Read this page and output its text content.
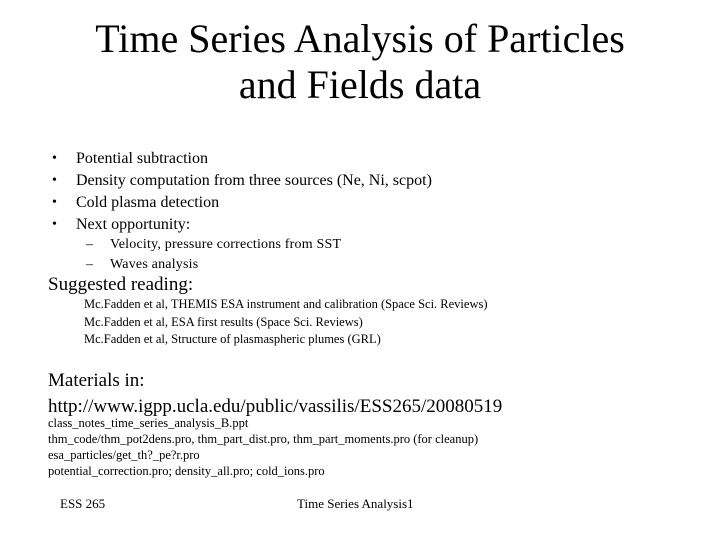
Time Series Analysis of Particles
and Fields data
• Potential subtraction
• Density computation from three sources (Ne, Ni, scpot)
• Cold plasma detection
• Next opportunity:
– Velocity, pressure corrections from SST
– Waves analysis
Suggested reading:
Mc.Fadden et al, THEMIS ESA instrument and calibration (Space Sci. Reviews)
Mc.Fadden et al, ESA first results (Space Sci. Reviews)
Mc.Fadden et al, Structure of plasmaspheric plumes (GRL)
Materials in:
http://www.igpp.ucla.edu/public/vassilis/ESS265/20080519
class_notes_time_series_analysis_B.ppt
thm_code/thm_pot2dens.pro, thm_part_dist.pro, thm_part_moments.pro (for cleanup)
esa_particles/get_th?_pe?r.pro
potential_correction.pro; density_all.pro; cold_ions.pro
ESS 265	Time Series Analysis1
